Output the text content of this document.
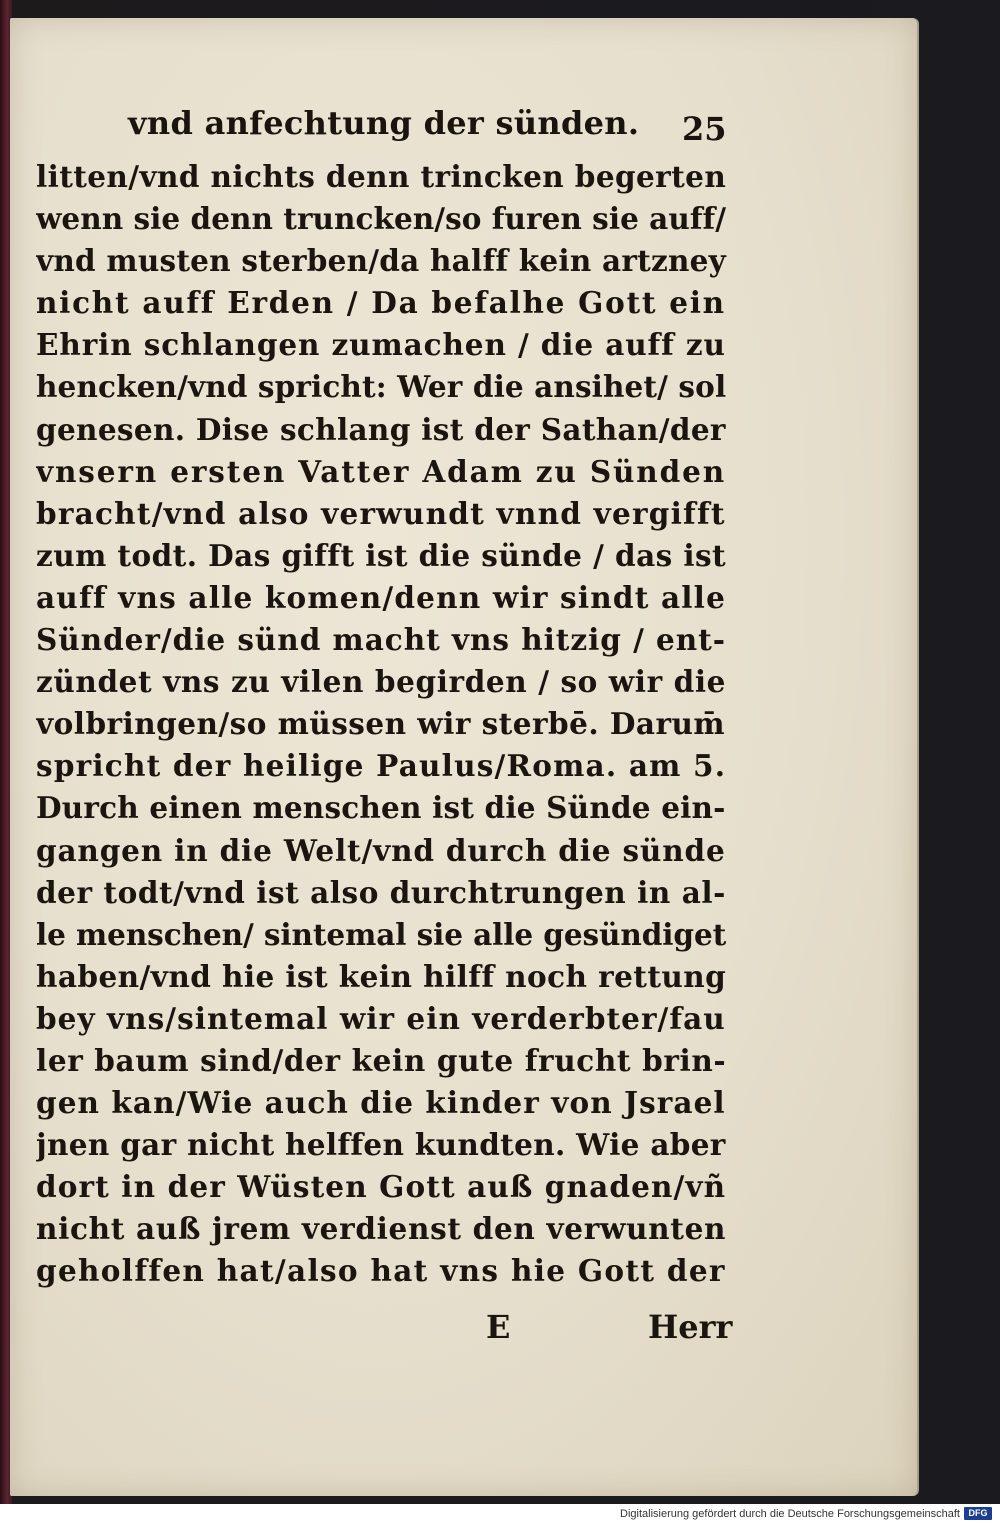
vnd anfechtung der sünden. 25
litten/vnd nichts denn trincken begerten
wenn sie denn truncken/so furen sie auff/
vnd musten sterben/da halff kein artzney
nicht auff Erden / Da befalhe Gott ein
Ehrin schlangen zumachen / die auff zu
hencken/vnd spricht: Wer die ansihet/ sol
genesen. Dise schlang ist der Sathan/der
vnsern ersten Vatter Adam zu Sünden
bracht/vnd also verwundt vnnd vergifft
zum todt. Das gifft ist die sünde / das ist
auff vns alle komen/denn wir sindt alle
Sünder/die sünd macht vns hitzig / ent-
zündet vns zu vilen begirden / so wir die
volbringen/so müssen wir sterbē. Darum̄
spricht der heilige Paulus/Roma. am 5.
Durch einen menschen ist die Sünde ein-
gangen in die Welt/vnd durch die sünde
der todt/vnd ist also durchtrungen in al-
le menschen/ sintemal sie alle gesündiget
haben/vnd hie ist kein hilff noch rettung
bey vns/sintemal wir ein verderbter/fau
ler baum sind/der kein gute frucht brin-
gen kan/Wie auch die kinder von Jsrael
jnen gar nicht helffen kundten. Wie aber
dort in der Wüsten Gott auß gnaden/vñ
nicht auß jrem verdienst den verwunten
geholffen hat/also hat vns hie Gott der
E	Herr
Digitalisierung gefördert durch die Deutsche Forschungsgemeinschaft DFG
